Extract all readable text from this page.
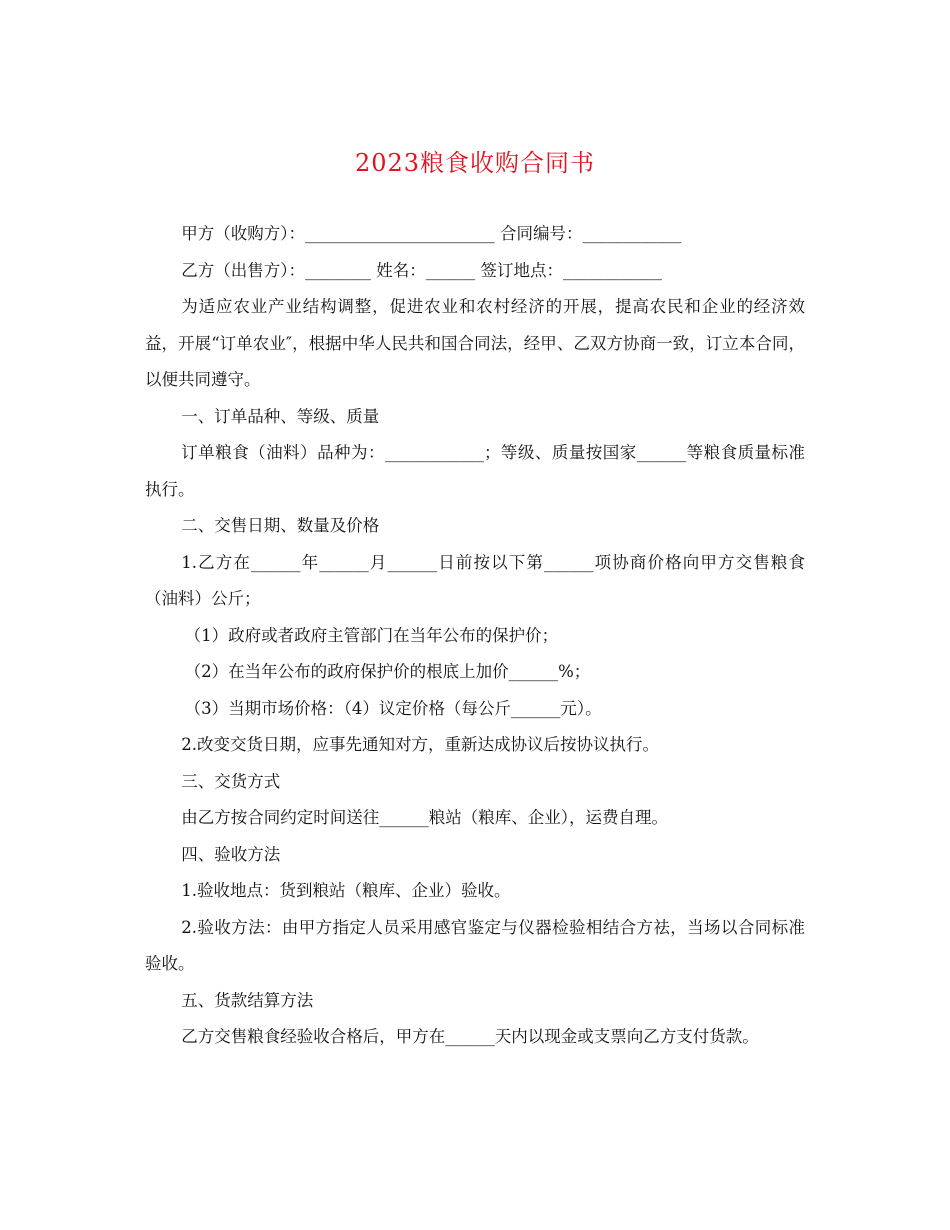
2023粮食收购合同书

甲方（收购方）：_______________________ 合同编号：____________

乙方（出售方）：________ 姓名：______ 签订地点：____________

为适应农业产业结构调整，促进农业和农村经济的开展，提高农民和企业的经济效益，开展“订单农业″，根据中华人民共和国合同法，经甲、乙双方协商一致，订立本合同，以便共同遵守。

一、订单品种、等级、质量

订单粮食（油料）品种为：____________；等级、质量按国家______等粮食质量标准执行。

二、交售日期、数量及价格

1.乙方在______年______月______日前按以下第______项协商价格向甲方交售粮食（油料）公斤；

（1）政府或者政府主管部门在当年公布的保护价；

（2）在当年公布的政府保护价的根底上加价______%；

（3）当期市场价格：（4）议定价格（每公斤______元）。

2.改变交货日期，应事先通知对方，重新达成协议后按协议执行。

三、交货方式

由乙方按合同约定时间送往______粮站（粮库、企业），运费自理。

四、验收方法

1.验收地点：货到粮站（粮库、企业）验收。

2.验收方法：由甲方指定人员采用感官鉴定与仪器检验相结合方祛，当场以合同标准验收。

五、货款结算方法

乙方交售粮食经验收合格后，甲方在______天内以现金或支票向乙方支付货款。
